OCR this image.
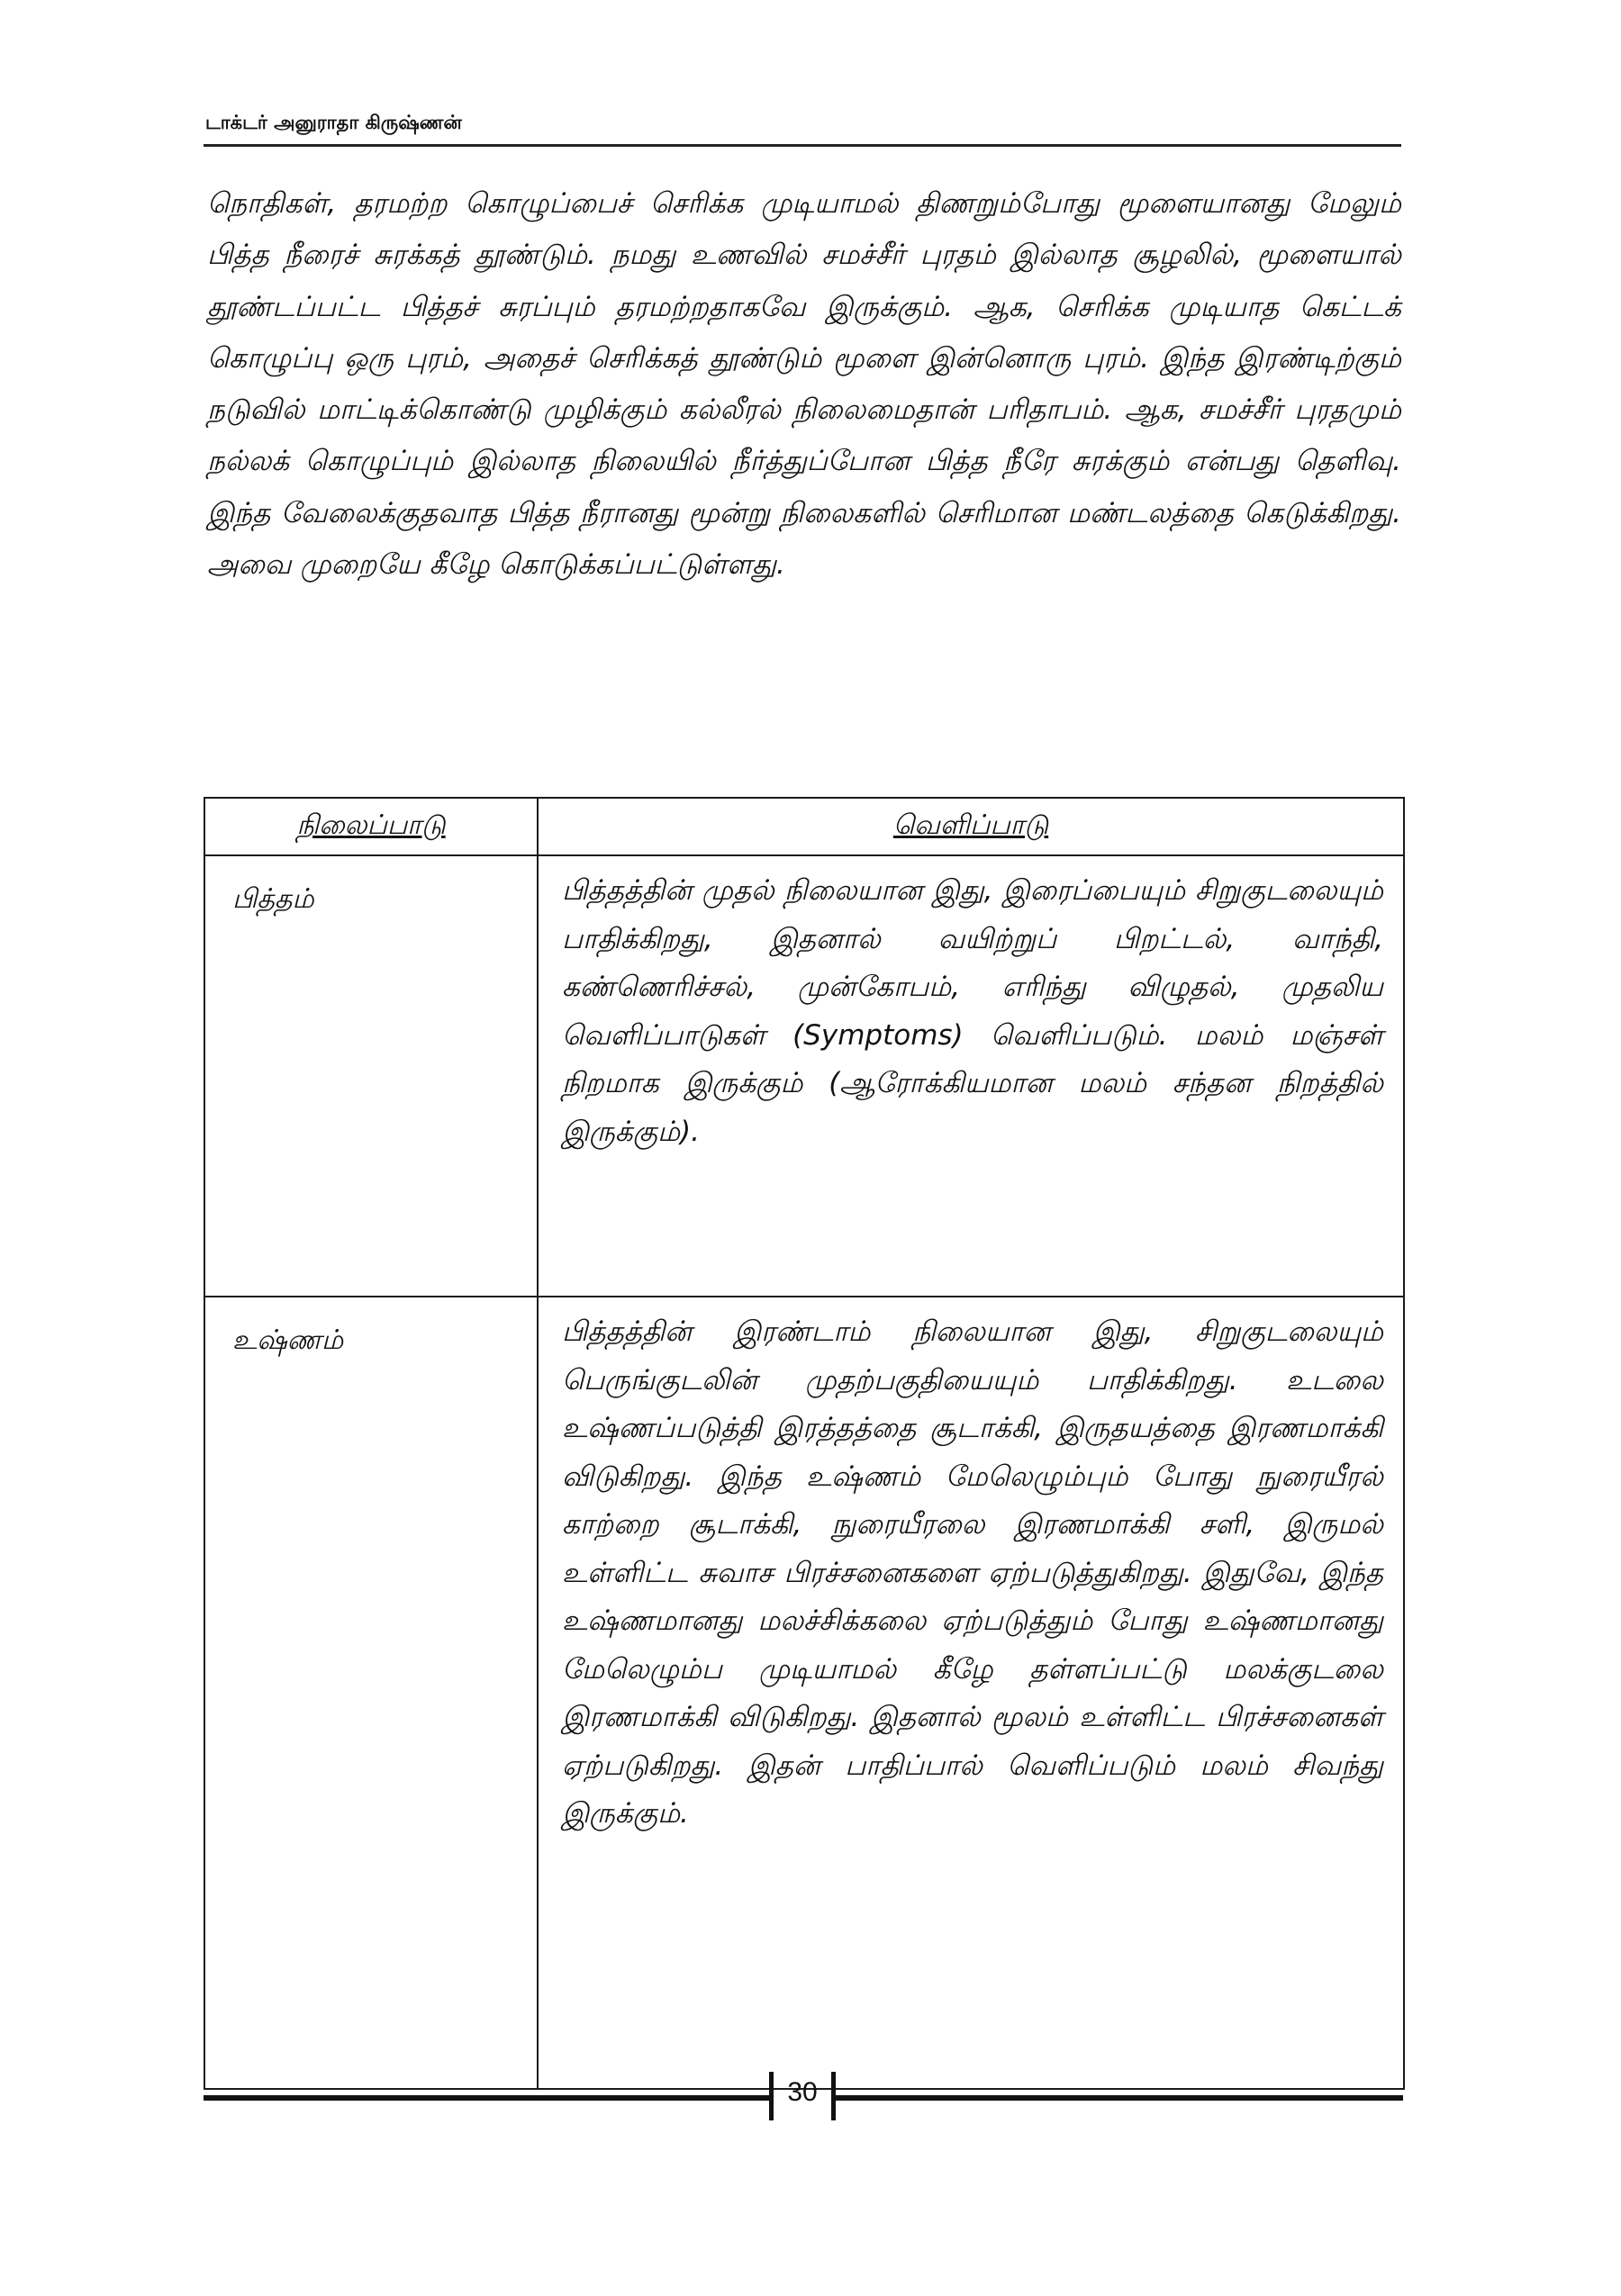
டாக்டர் அனுராதா கிருஷ்ணன்
நொதிகள், தரமற்ற கொழுப்பைச் செரிக்க முடியாமல் திணறும்போது மூளையானது மேலும் பித்த நீரைச் சுரக்கத் தூண்டும். நமது உணவில் சமச்சீர் புரதம் இல்லாத சூழலில், மூளையால் தூண்டப்பட்ட பித்தச் சுரப்பும் தரமற்றதாகவே இருக்கும். ஆக, செரிக்க முடியாத கெட்டக் கொழுப்பு ஒரு புரம், அதைச் செரிக்கத் தூண்டும் மூளை இன்னொரு புரம். இந்த இரண்டிற்கும் நடுவில் மாட்டிக்கொண்டு முழிக்கும் கல்லீரல் நிலைமைதான் பரிதாபம். ஆக, சமச்சீர் புரதமும் நல்லக் கொழுப்பும் இல்லாத நிலையில் நீர்த்துப்போன பித்த நீரே சுரக்கும் என்பது தெளிவு. இந்த வேலைக்குதவாத பித்த நீரானது மூன்று நிலைகளில் செரிமான மண்டலத்தை கெடுக்கிறது. அவை முறையே கீழே கொடுக்கப்பட்டுள்ளது.
நிலைப்பாடு	வெளிப்பாடு
பித்தம்	பித்தத்தின் முதல் நிலையான இது, இரைப்பையும் சிறுகுடலையும் பாதிக்கிறது, இதனால் வயிற்றுப் பிறட்டல், வாந்தி, கண்ணெரிச்சல், முன்கோபம், எரிந்து விழுதல், முதலிய வெளிப்பாடுகள் (Symptoms) வெளிப்படும். மலம் மஞ்சள் நிறமாக இருக்கும் (ஆரோக்கியமான மலம் சந்தன நிறத்தில் இருக்கும்).
உஷ்ணம்	பித்தத்தின் இரண்டாம் நிலையான இது, சிறுகுடலையும் பெருங்குடலின் முதற்பகுதியையும் பாதிக்கிறது. உடலை உஷ்ணப்படுத்தி இரத்தத்தை சூடாக்கி, இருதயத்தை இரணமாக்கி விடுகிறது. இந்த உஷ்ணம் மேலெழும்பும் போது நுரையீரல் காற்றை சூடாக்கி, நுரையீரலை இரணமாக்கி சளி, இருமல் உள்ளிட்ட சுவாச பிரச்சனைகளை ஏற்படுத்துகிறது. இதுவே, இந்த உஷ்ணமானது மலச்சிக்கலை ஏற்படுத்தும் போது உஷ்ணமானது மேலெழும்ப முடியாமல் கீழே தள்ளப்பட்டு மலக்குடலை இரணமாக்கி விடுகிறது. இதனால் மூலம் உள்ளிட்ட பிரச்சனைகள் ஏற்படுகிறது. இதன் பாதிப்பால் வெளிப்படும் மலம் சிவந்து இருக்கும்.
30
